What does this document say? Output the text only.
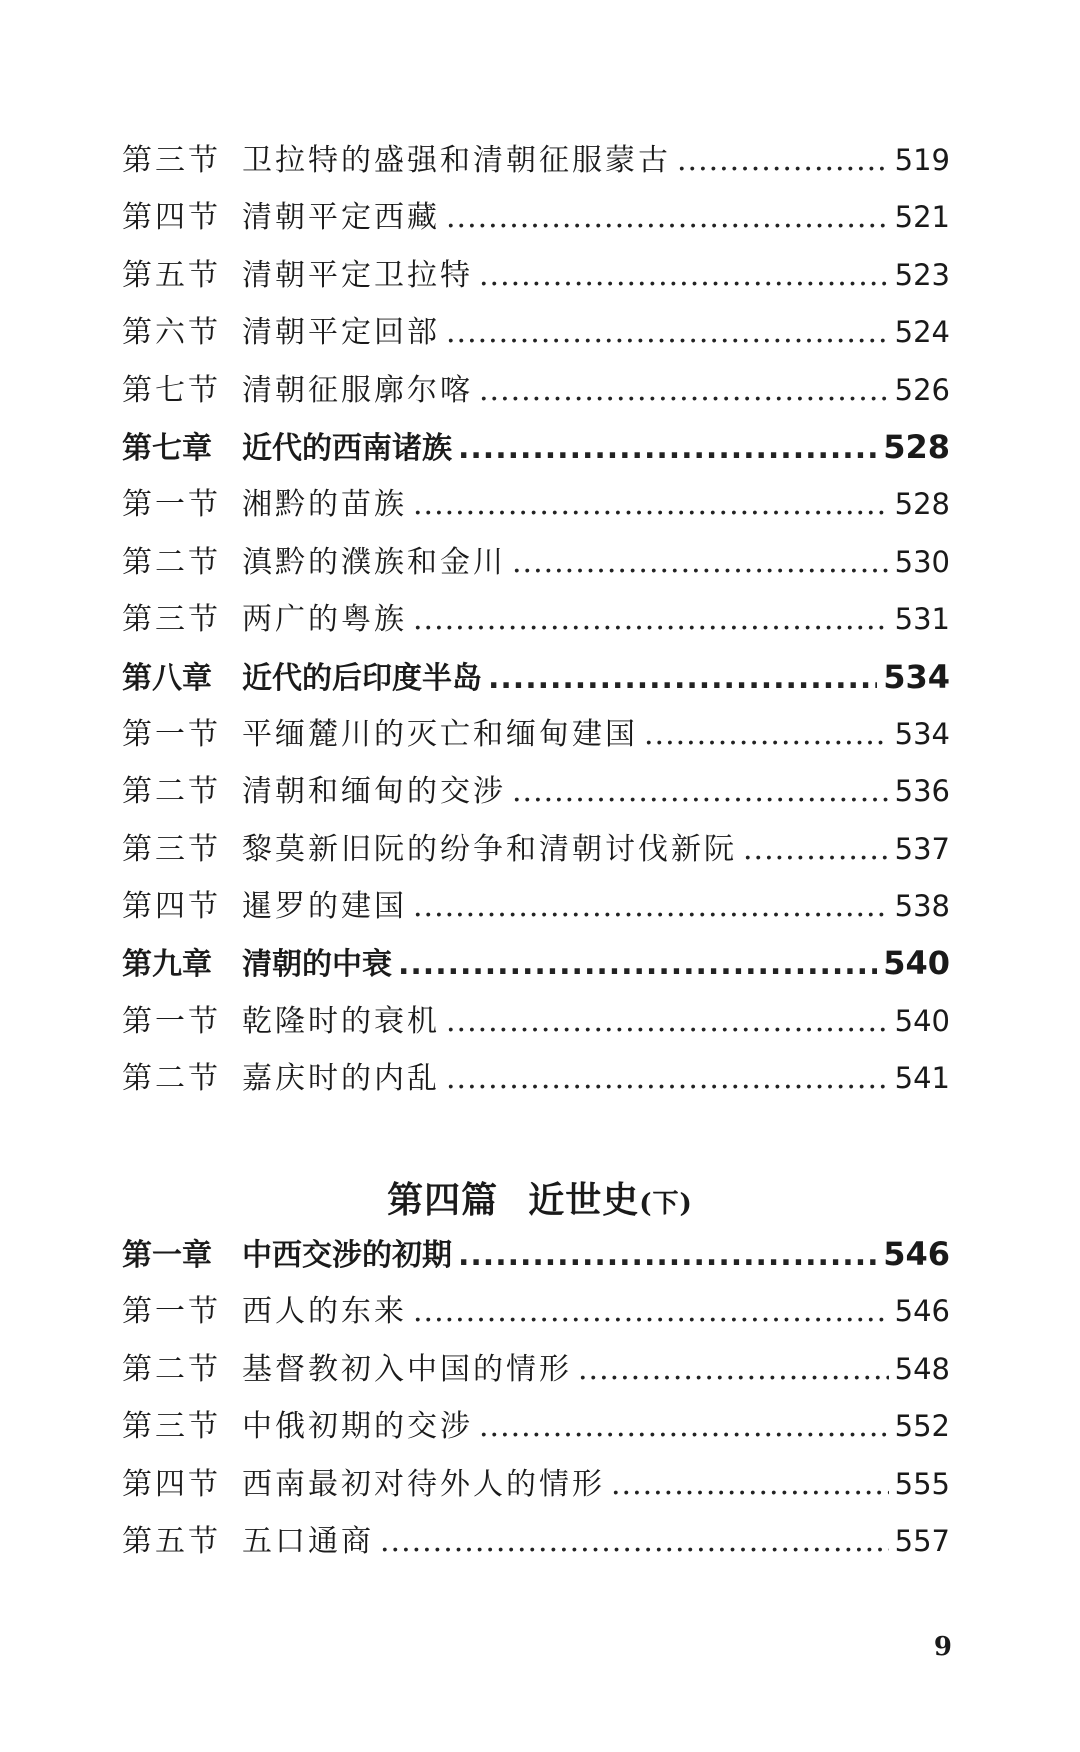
第三节 卫拉特的盛强和清朝征服蒙古 .....	519
第四节 清朝平定西藏 .....	521
第五节 清朝平定卫拉特 .....	523
第六节 清朝平定回部 .....	524
第七节 清朝征服廓尔喀 .....	526
第七章	近代的西南诸族 .....	528
第一节 湘黔的苗族 .....	528
第二节 滇黔的濮族和金川 .....	530
第三节 两广的粤族 .....	531
第八章	近代的后印度半岛 .....	534
第一节 平缅麓川的灭亡和缅甸建国 .....	534
第二节 清朝和缅甸的交涉 .....	536
第三节 黎莫新旧阮的纷争和清朝讨伐新阮 .....	537
第四节 暹罗的建国 .....	538
第九章	清朝的中衰 .....	540
第一节 乾隆时的衰机 .....	540
第二节 嘉庆时的内乱 .....	541
第四篇 近世史(下)
第一章	中西交涉的初期 .....	546
第一节 西人的东来 .....	546
第二节 基督教初入中国的情形 .....	548
第三节 中俄初期的交涉 .....	552
第四节 西南最初对待外人的情形 .....	555
第五节 五口通商 .....	557
9
